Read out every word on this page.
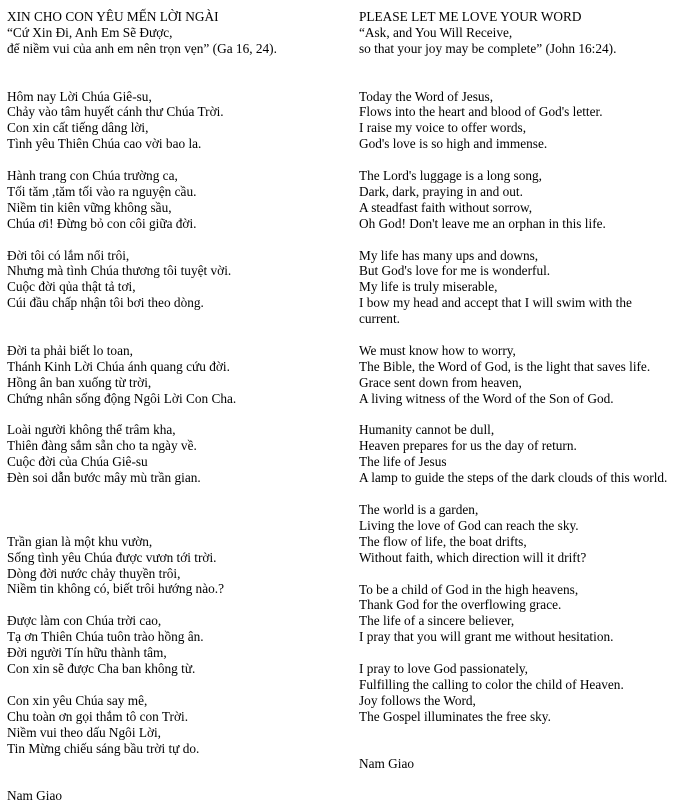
XIN CHO CON YÊU MẾN LỜI NGÀI
“Cứ Xin Đi, Anh Em Sẽ Được,
để niềm vui của anh em nên trọn vẹn” (Ga 16, 24).
Hôm nay Lời Chúa Giê-su,
Chảy vào tâm huyết cánh thư Chúa Trời.
Con xin cất tiếng dâng lời,
Tình yêu Thiên Chúa cao vời bao la.
Hành trang con Chúa trường ca,
Tối tăm ,tăm tối vào ra nguyện cầu.
Niềm tin kiên vững không sầu,
Chúa ơi! Đừng bỏ con côi giữa đời.
Đời tôi có lắm nổi trôi,
Nhưng mà tình Chúa thương tôi tuyệt vời.
Cuộc đời qủa thật tả tơi,
Cúi đầu chấp nhận tôi bơi theo dòng.
Đời ta phải biết lo toan,
Thánh Kinh Lời Chúa ánh quang cứu đời.
Hồng ân ban xuống từ trời,
Chứng nhân sống động Ngôi Lời Con Cha.
Loài người không thể trâm kha,
Thiên đàng sắm sẵn cho ta ngày về.
Cuộc đời của Chúa Giê-su
Đèn soi dẫn bước mây mù trần gian.
Trần gian là một khu vườn,
Sống tình yêu Chúa được vươn tới trời.
Dòng đời nước chảy thuyền trôi,
Niềm tin không có, biết trôi hướng nào.?
Được làm con Chúa trời cao,
Tạ ơn Thiên Chúa tuôn trào hồng ân.
Đời người Tín hữu thành tâm,
Con xin sẽ được Cha ban không từ.
Con xin yêu Chúa say mê,
Chu toàn ơn gọi thắm tô con Trời.
Niềm vui theo dấu Ngôi Lời,
Tin Mừng chiếu sáng bầu trời tự do.
Nam Giao
PLEASE LET ME LOVE YOUR WORD
“Ask, and You Will Receive,
so that your joy may be complete” (John 16:24).
Today the Word of Jesus,
Flows into the heart and blood of God's letter.
I raise my voice to offer words,
God's love is so high and immense.
The Lord's luggage is a long song,
Dark, dark, praying in and out.
A steadfast faith without sorrow,
Oh God! Don't leave me an orphan in this life.
My life has many ups and downs,
But God's love for me is wonderful.
My life is truly miserable,
I bow my head and accept that I will swim with the current.
We must know how to worry,
The Bible, the Word of God, is the light that saves life.
Grace sent down from heaven,
A living witness of the Word of the Son of God.
Humanity cannot be dull,
Heaven prepares for us the day of return.
The life of Jesus
A lamp to guide the steps of the dark clouds of this world.
The world is a garden,
Living the love of God can reach the sky.
The flow of life, the boat drifts,
Without faith, which direction will it drift?
To be a child of God in the high heavens,
Thank God for the overflowing grace.
The life of a sincere believer,
I pray that you will grant me without hesitation.
I pray to love God passionately,
Fulfilling the calling to color the child of Heaven.
Joy follows the Word,
The Gospel illuminates the free sky.
Nam Giao
